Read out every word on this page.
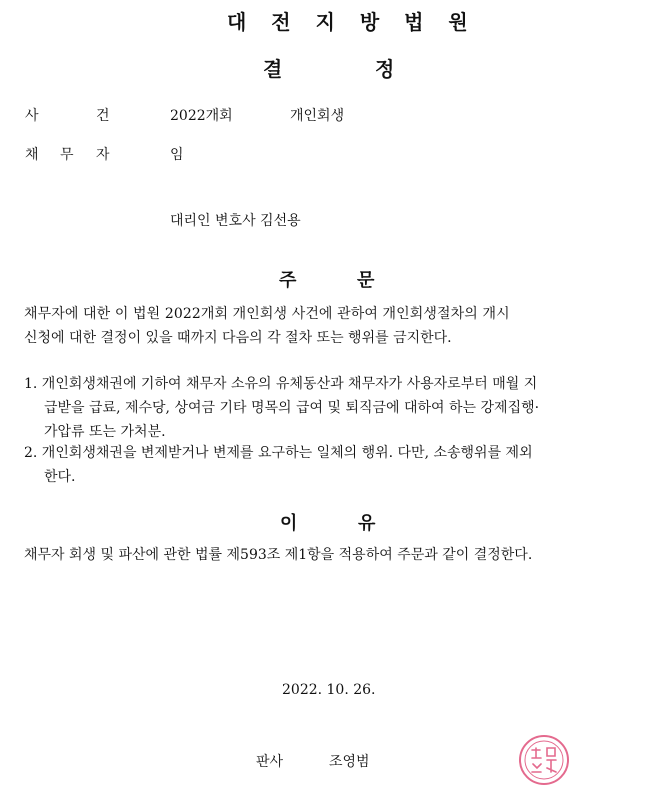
대 전 지 방 법 원
결	정
사	건	2022개회	개인회생
채 무 자	임
대리인 변호사 김선용
주	문
채무자에 대한 이 법원 2022개회 개인회생 사건에 관하여 개인회생절차의 개시
신청에 대한 결정이 있을 때까지 다음의 각 절차 또는 행위를 금지한다.
1. 개인회생채권에 기하여 채무자 소유의 유체동산과 채무자가 사용자로부터 매월 지
급받을 급료, 제수당, 상여금 기타 명목의 급여 및 퇴직금에 대하여 하는 강제집행·
가압류 또는 가처분.
2. 개인회생채권을 변제받거나 변제를 요구하는 일체의 행위. 다만, 소송행위를 제외
한다.
이	유
채무자 회생 및 파산에 관한 법률 제593조 제1항을 적용하여 주문과 같이 결정한다.
2022. 10. 26.
판사	조영범
